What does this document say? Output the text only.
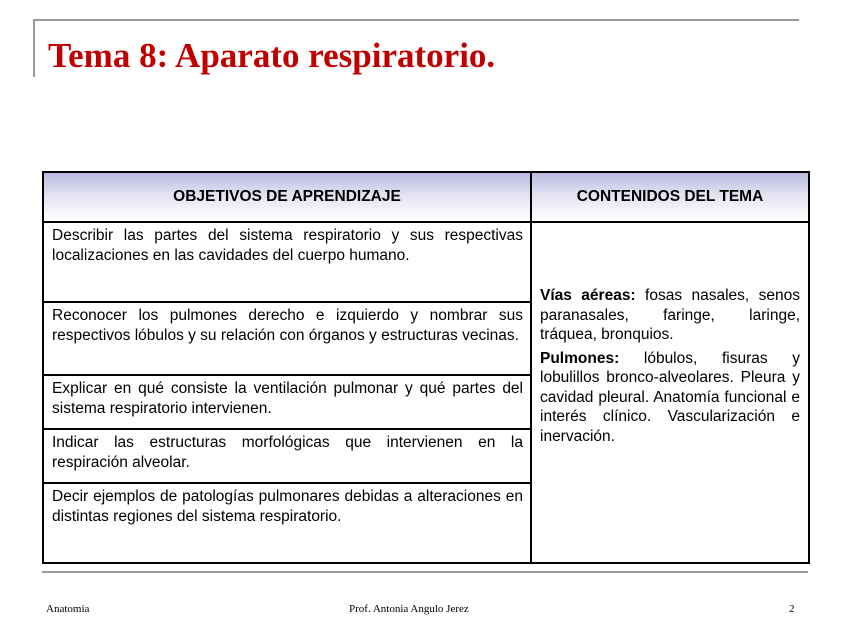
Tema 8: Aparato respiratorio.
OBJETIVOS DE APRENDIZAJE	CONTENIDOS DEL TEMA
Describir las partes del sistema respiratorio y sus respectivas localizaciones en las cavidades del cuerpo humano.	Vías aéreas: fosas nasales, senos paranasales, faringe, laringe, tráquea, bronquios.

Pulmones: lóbulos, fisuras y lobulillos bronco-alveolares. Pleura y cavidad pleural. Anatomía funcional e interés clínico. Vascularización e inervación.

Reconocer los pulmones derecho e izquierdo y nombrar sus respectivos lóbulos y su relación con órganos y estructuras vecinas.	
Explicar en qué consiste la ventilación pulmonar y qué partes del sistema respiratorio intervienen.	
Indicar las estructuras morfológicas que intervienen en la respiración alveolar.	
Decir ejemplos de patologías pulmonares debidas a alteraciones en distintas regiones del sistema respiratorio.	
Anatomía	Prof. Antonia Angulo Jerez	2
